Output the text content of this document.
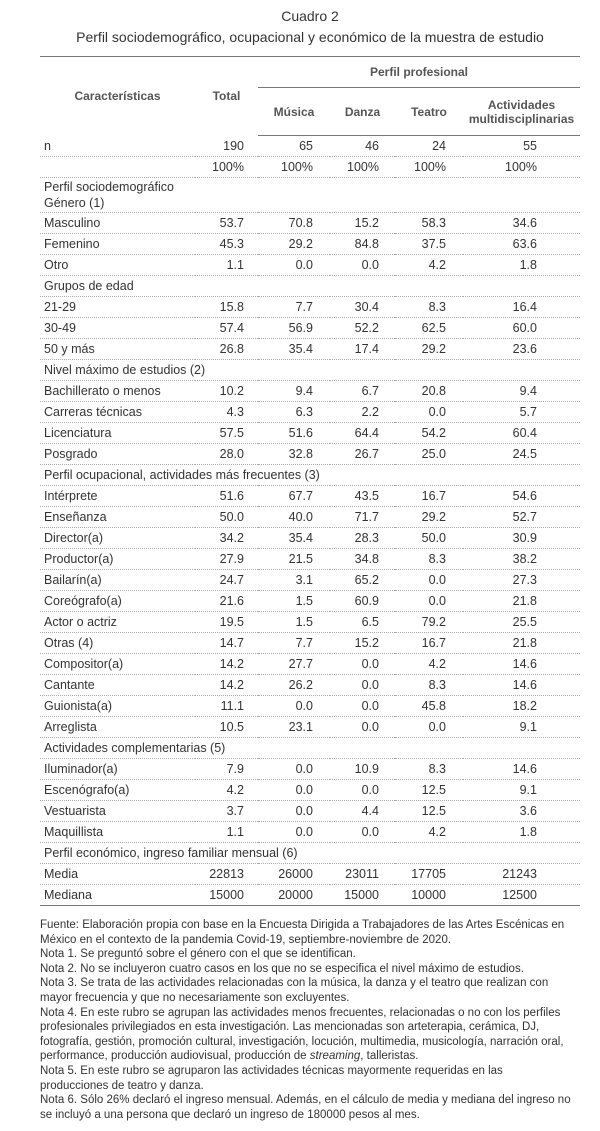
Cuadro 2
Perfil sociodemográfico, ocupacional y económico de la muestra de estudio
Características	Total	Perfil profesional			
		Música	Danza	Teatro	Actividades multidisciplinarias
n	190	65	46	24	55
	100%	100%	100%	100%	100%
Perfil sociodemográfico
Género (1)					
Masculino	53.7	70.8	15.2	58.3	34.6
Femenino	45.3	29.2	84.8	37.5	63.6
Otro	1.1	0.0	0.0	4.2	1.8
Grupos de edad					
21-29	15.8	7.7	30.4	8.3	16.4
30-49	57.4	56.9	52.2	62.5	60.0
50 y más	26.8	35.4	17.4	29.2	23.6
Nivel máximo de estudios (2)					
Bachillerato o menos	10.2	9.4	6.7	20.8	9.4
Carreras técnicas	4.3	6.3	2.2	0.0	5.7
Licenciatura	57.5	51.6	64.4	54.2	60.4
Posgrado	28.0	32.8	26.7	25.0	24.5
Perfil ocupacional, actividades más frecuentes (3)					
Intérprete	51.6	67.7	43.5	16.7	54.6
Enseñanza	50.0	40.0	71.7	29.2	52.7
Director(a)	34.2	35.4	28.3	50.0	30.9
Productor(a)	27.9	21.5	34.8	8.3	38.2
Bailarín(a)	24.7	3.1	65.2	0.0	27.3
Coreógrafo(a)	21.6	1.5	60.9	0.0	21.8
Actor o actriz	19.5	1.5	6.5	79.2	25.5
Otras (4)	14.7	7.7	15.2	16.7	21.8
Compositor(a)	14.2	27.7	0.0	4.2	14.6
Cantante	14.2	26.2	0.0	8.3	14.6
Guionista(a)	11.1	0.0	0.0	45.8	18.2
Arreglista	10.5	23.1	0.0	0.0	9.1
Actividades complementarias (5)					
Iluminador(a)	7.9	0.0	10.9	8.3	14.6
Escenógrafo(a)	4.2	0.0	0.0	12.5	9.1
Vestuarista	3.7	0.0	4.4	12.5	3.6
Maquillista	1.1	0.0	0.0	4.2	1.8
Perfil económico, ingreso familiar mensual (6)					
Media	22813	26000	23011	17705	21243
Mediana	15000	20000	15000	10000	12500

Fuente: Elaboración propia con base en la Encuesta Dirigida a Trabajadores de las Artes Escénicas en México en el contexto de la pandemia Covid-19, septiembre-noviembre de 2020.

Nota 1. Se preguntó sobre el género con el que se identifican.

Nota 2. No se incluyeron cuatro casos en los que no se especifica el nivel máximo de estudios.

Nota 3. Se trata de las actividades relacionadas con la música, la danza y el teatro que realizan con mayor frecuencia y que no necesariamente son excluyentes.

Nota 4. En este rubro se agrupan las actividades menos frecuentes, relacionadas o no con los perfiles profesionales privilegiados en esta investigación. Las mencionadas son arteterapia, cerámica, DJ, fotografía, gestión, promoción cultural, investigación, locución, multimedia, musicología, narración oral, performance, producción audiovisual, producción de streaming, talleristas.

Nota 5. En este rubro se agruparon las actividades técnicas mayormente requeridas en las producciones de teatro y danza.

Nota 6. Sólo 26% declaró el ingreso mensual. Además, en el cálculo de media y mediana del ingreso no se incluyó a una persona que declaró un ingreso de 180000 pesos al mes.
